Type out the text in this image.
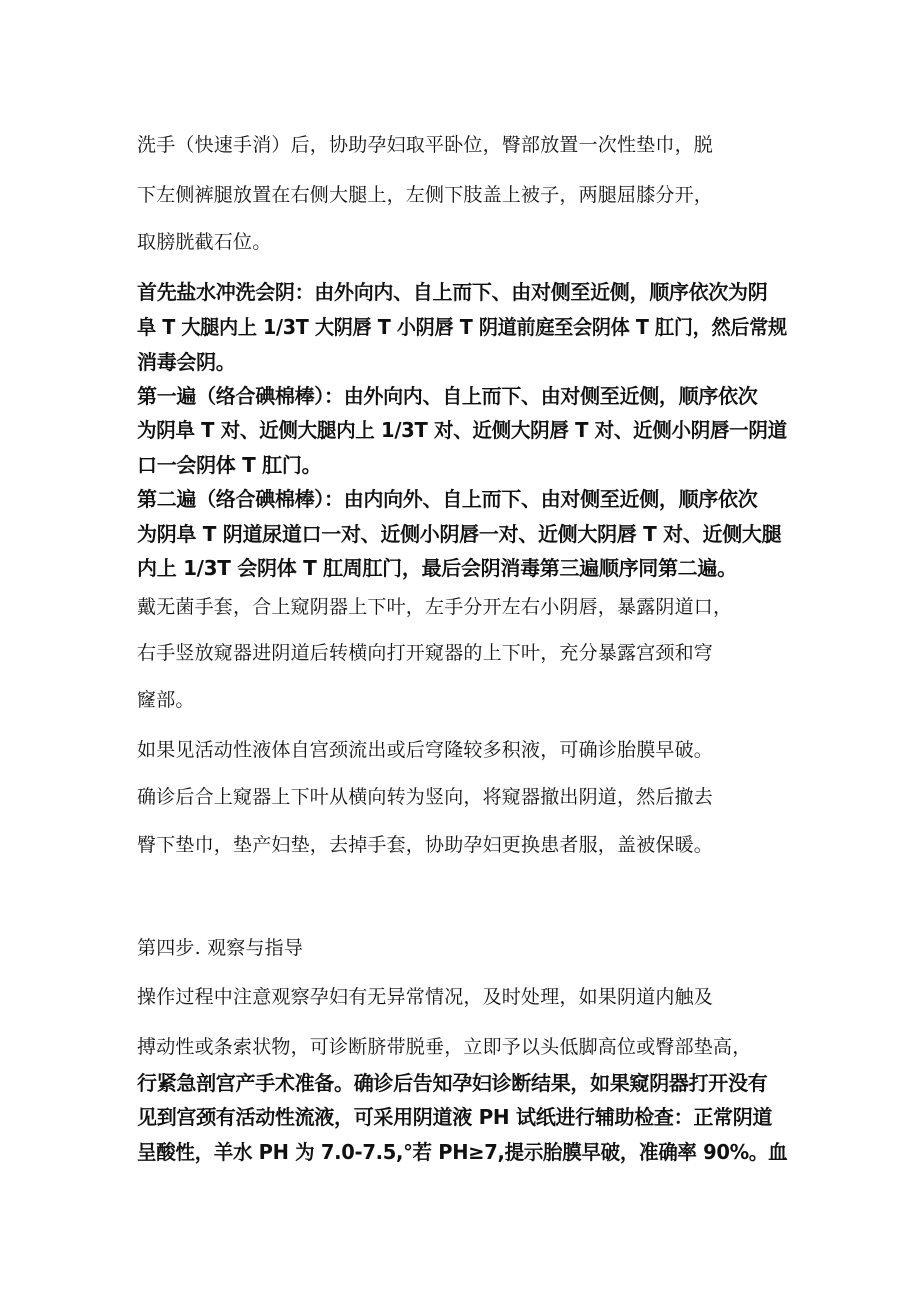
洗手（快速手消）后，协助孕妇取平卧位，臀部放置一次性垫巾，脱

下左侧裤腿放置在右侧大腿上，左侧下肢盖上被子，两腿屈膝分开，

取膀胱截石位。

首先盐水冲洗会阴：由外向内、自上而下、由对侧至近侧，顺序依次为阴

阜 T 大腿内上 1/3T 大阴唇 T 小阴唇 T 阴道前庭至会阴体 T 肛门，然后常规

消毒会阴。

第一遍（络合碘棉棒）：由外向内、自上而下、由对侧至近侧，顺序依次

为阴阜 T 对、近侧大腿内上 1/3T 对、近侧大阴唇 T 对、近侧小阴唇一阴道

口一会阴体 T 肛门。

第二遍（络合碘棉棒）：由内向外、自上而下、由对侧至近侧，顺序依次

为阴阜 T 阴道尿道口一对、近侧小阴唇一对、近侧大阴唇 T 对、近侧大腿

内上 1/3T 会阴体 T 肛周肛门，最后会阴消毒第三遍顺序同第二遍。

戴无菌手套，合上窥阴器上下叶，左手分开左右小阴唇，暴露阴道口，

右手竖放窥器进阴道后转横向打开窥器的上下叶，充分暴露宫颈和穹

窿部。

如果见活动性液体自宫颈流出或后穹隆较多积液，可确诊胎膜早破。

确诊后合上窥器上下叶从横向转为竖向，将窥器撤出阴道，然后撤去

臀下垫巾，垫产妇垫，去掉手套，协助孕妇更换患者服，盖被保暖。

第四步. 观察与指导

操作过程中注意观察孕妇有无异常情况，及时处理，如果阴道内触及

搏动性或条索状物，可诊断脐带脱垂，立即予以头低脚高位或臀部垫高，

行紧急剖宫产手术准备。确诊后告知孕妇诊断结果，如果窥阴器打开没有

见到宫颈有活动性流液，可采用阴道液 PH 试纸进行辅助检查：正常阴道

呈酸性，羊水 PH 为 7.0-7.5,°若 PH≥7,提示胎膜早破，准确率 90%。血
